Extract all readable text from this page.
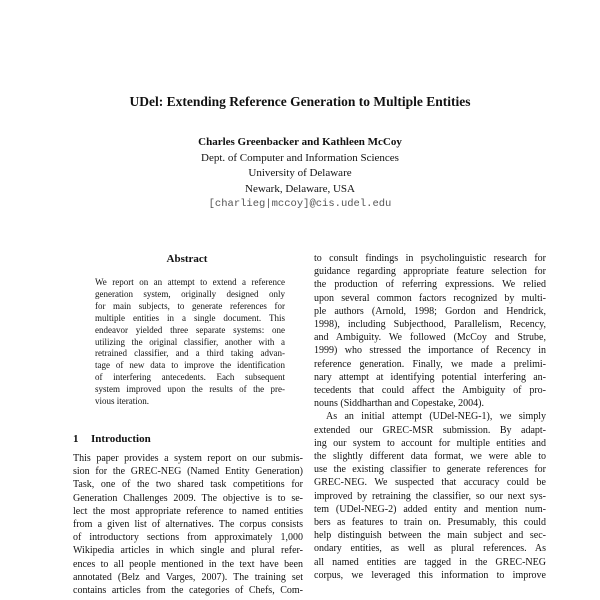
UDel: Extending Reference Generation to Multiple Entities
Charles Greenbacker and Kathleen McCoy
Dept. of Computer and Information Sciences
University of Delaware
Newark, Delaware, USA
[charlieg|mccoy]@cis.udel.edu
Abstract
We report on an attempt to extend a reference
generation system, originally designed only
for main subjects, to generate references for
multiple entities in a single document. This
endeavor yielded three separate systems: one
utilizing the original classifier, another with a
retrained classifier, and a third taking advan-
tage of new data to improve the identification
of interfering antecedents. Each subsequent
system improved upon the results of the pre-
vious iteration.
1 Introduction
This paper provides a system report on our submis-
sion for the GREC-NEG (Named Entity Generation)
Task, one of the two shared task competitions for
Generation Challenges 2009. The objective is to se-
lect the most appropriate reference to named entities
from a given list of alternatives. The corpus consists
of introductory sections from approximately 1,000
Wikipedia articles in which single and plural refer-
ences to all people mentioned in the text have been
annotated (Belz and Varges, 2007). The training set
contains articles from the categories of Chefs, Com-
to consult findings in psycholinguistic research for
guidance regarding appropriate feature selection for
the production of referring expressions. We relied
upon several common factors recognized by multi-
ple authors (Arnold, 1998; Gordon and Hendrick,
1998), including Subjecthood, Parallelism, Recency,
and Ambiguity. We followed (McCoy and Strube,
1999) who stressed the importance of Recency in
reference generation. Finally, we made a prelimi-
nary attempt at identifying potential interfering an-
tecedents that could affect the Ambiguity of pro-
nouns (Siddharthan and Copestake, 2004).
As an initial attempt (UDel-NEG-1), we simply
extended our GREC-MSR submission. By adapt-
ing our system to account for multiple entities and
the slightly different data format, we were able to
use the existing classifier to generate references for
GREC-NEG. We suspected that accuracy could be
improved by retraining the classifier, so our next sys-
tem (UDel-NEG-2) added entity and mention num-
bers as features to train on. Presumably, this could
help distinguish between the main subject and sec-
ondary entities, as well as plural references. As
all named entities are tagged in the GREC-NEG
corpus, we leveraged this information to improve
